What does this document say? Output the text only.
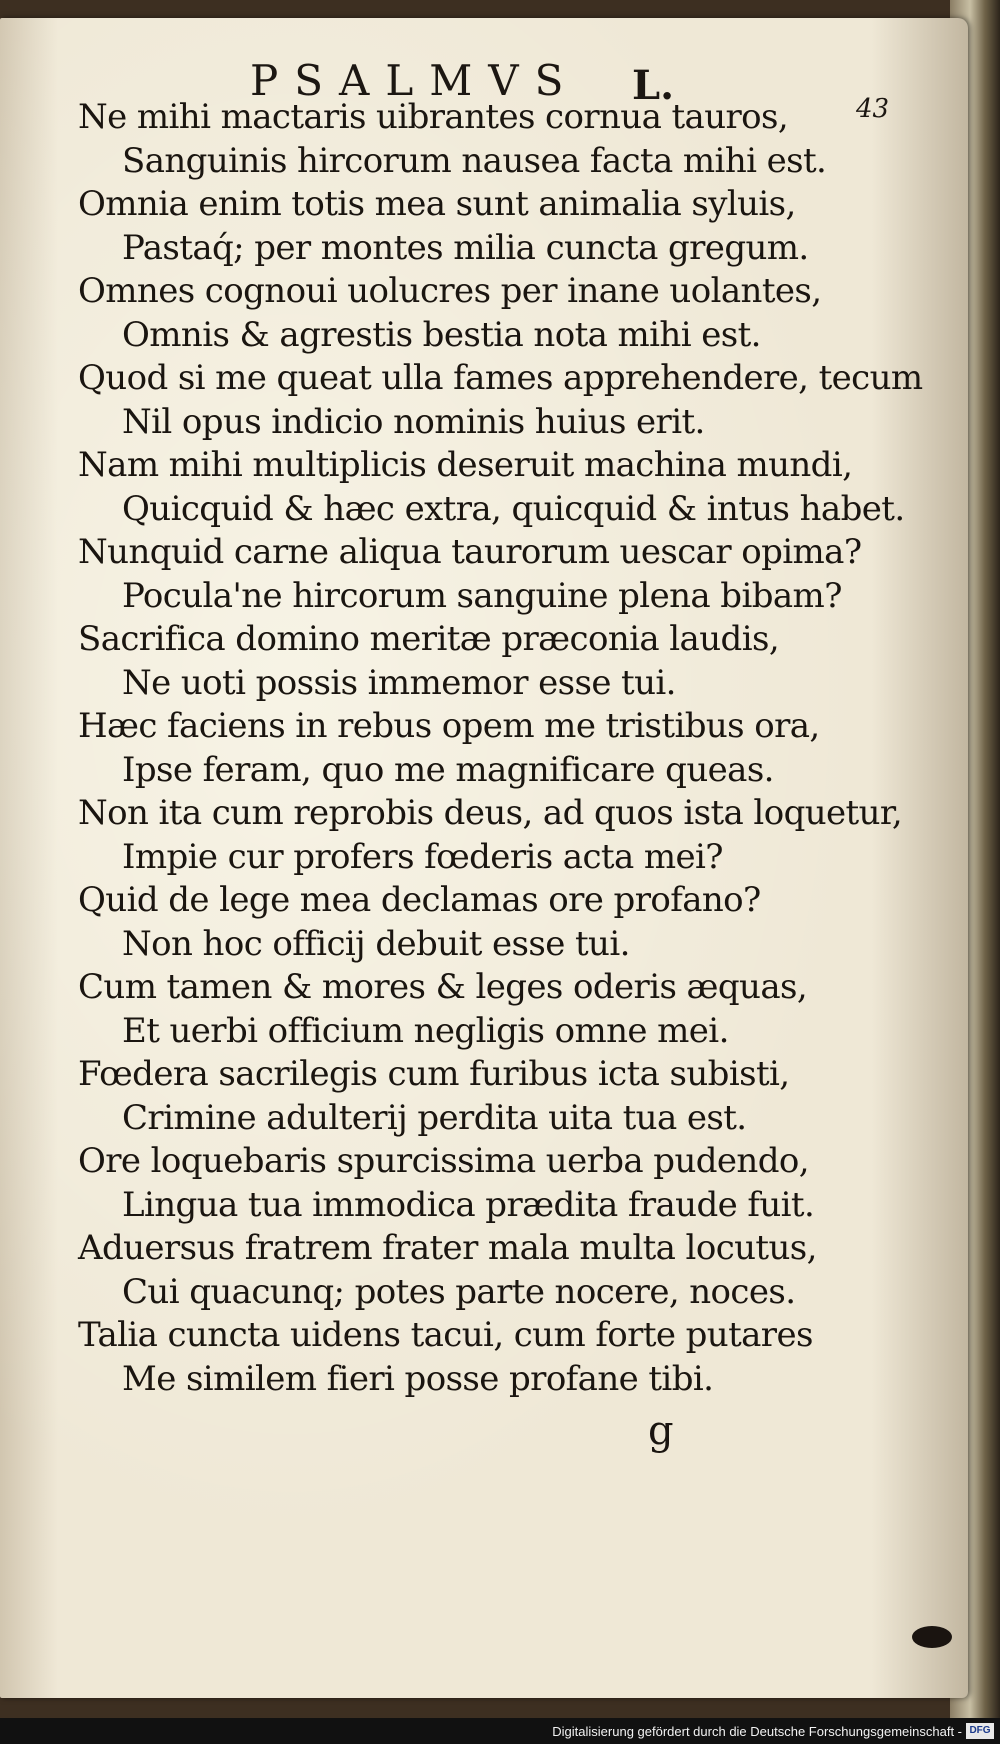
PSALMVS L.	43
Ne mihi mactaris uibrantes cornua tauros,
Sanguinis hircorum nausea facta mihi est.
Omnia enim totis mea sunt animalia syluis,
Pastaq́; per montes milia cuncta gregum.
Omnes cognoui uolucres per inane uolantes,
Omnis & agrestis bestia nota mihi est.
Quod si me queat ulla fames apprehendere, tecum
Nil opus indicio nominis huius erit.
Nam mihi multiplicis deseruit machina mundi,
Quicquid & hæc extra, quicquid & intus habet.
Nunquid carne aliqua taurorum uescar opima?
Pocula'ne hircorum sanguine plena bibam?
Sacrifica domino meritæ præconia laudis,
Ne uoti possis immemor esse tui.
Hæc faciens in rebus opem me tristibus ora,
Ipse feram, quo me magnificare queas.
Non ita cum reprobis deus, ad quos ista loquetur,
Impie cur profers fœderis acta mei?
Quid de lege mea declamas ore profano?
Non hoc officij debuit esse tui.
Cum tamen & mores & leges oderis æquas,
Et uerbi officium negligis omne mei.
Fœdera sacrilegis cum furibus icta subisti,
Crimine adulterij perdita uita tua est.
Ore loquebaris spurcissima uerba pudendo,
Lingua tua immodica prædita fraude fuit.
Aduersus fratrem frater mala multa locutus,
Cui quacunq; potes parte nocere, noces.
Talia cuncta uidens tacui, cum forte putares
Me similem fieri posse profane tibi.
g
Digitalisierung gefördert durch die Deutsche Forschungsgemeinschaft - DFG
